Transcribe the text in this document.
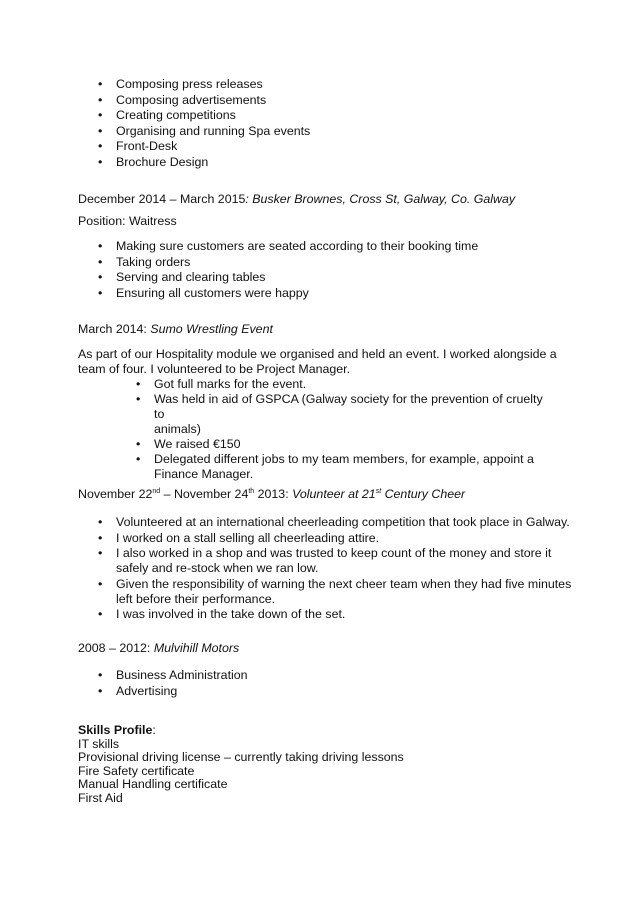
• Composing press releases
• Composing advertisements
• Creating competitions
• Organising and running Spa events
• Front-Desk
• Brochure Design
December 2014 – March 2015: Busker Brownes, Cross St, Galway, Co. Galway
Position: Waitress
• Making sure customers are seated according to their booking time
• Taking orders
• Serving and clearing tables
• Ensuring all customers were happy
March 2014: Sumo Wrestling Event
As part of our Hospitality module we organised and held an event. I worked alongside a
team of four. I volunteered to be Project Manager.
• Got full marks for the event.
• Was held in aid of GSPCA (Galway society for the prevention of cruelty to
animals)
• We raised €150
• Delegated different jobs to my team members, for example, appoint a
Finance Manager.
November 22nd – November 24th 2013: Volunteer at 21st Century Cheer
• Volunteered at an international cheerleading competition that took place in Galway.
• I worked on a stall selling all cheerleading attire.
• I also worked in a shop and was trusted to keep count of the money and store it
safely and re-stock when we ran low.
• Given the responsibility of warning the next cheer team when they had five minutes
left before their performance.
• I was involved in the take down of the set.
2008 – 2012: Mulvihill Motors
• Business Administration
• Advertising
Skills Profile:
IT skills
Provisional driving license – currently taking driving lessons
Fire Safety certificate
Manual Handling certificate
First Aid
